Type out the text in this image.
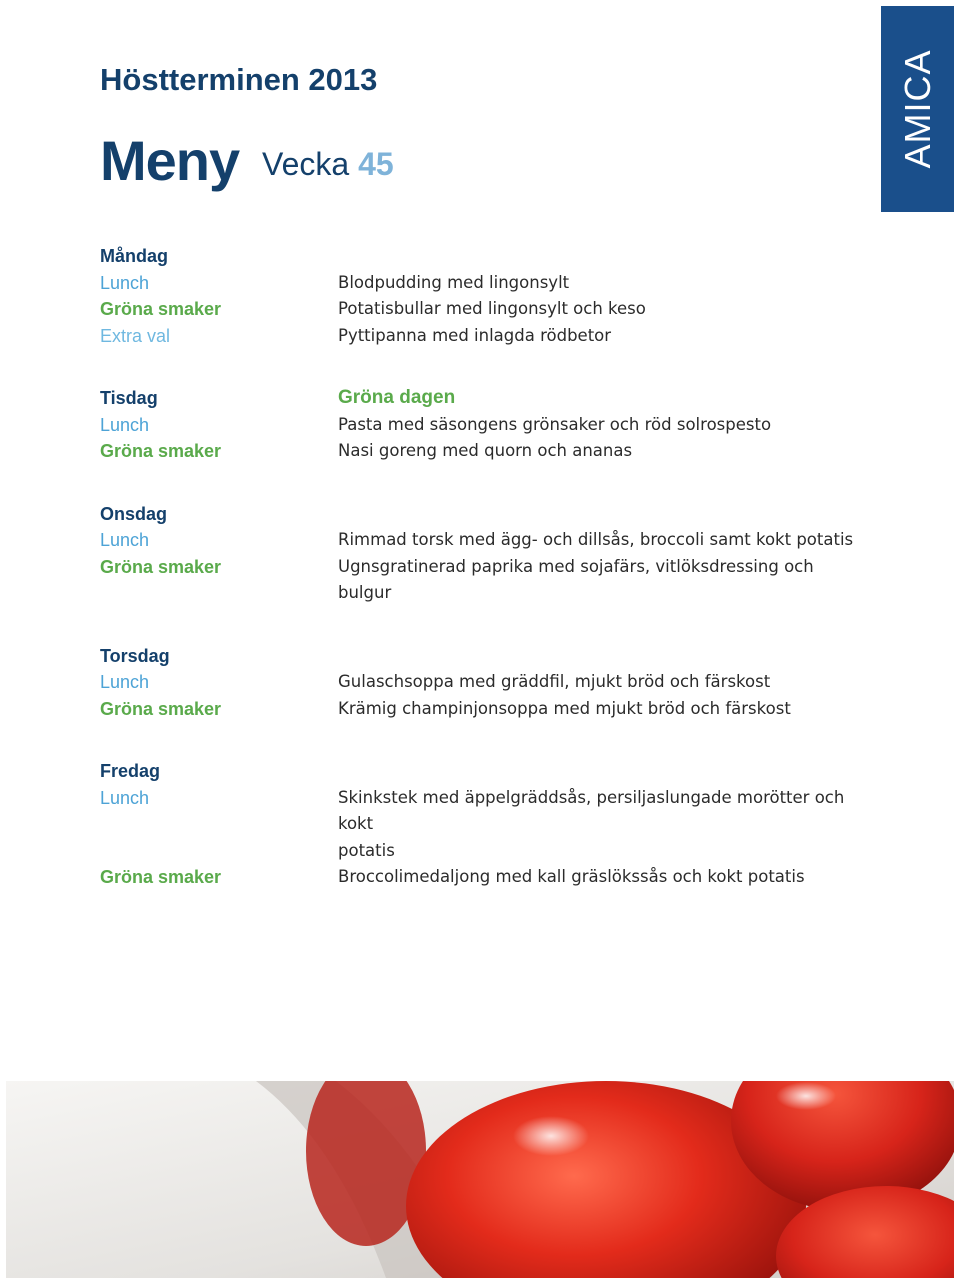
AMICA
Höstterminen 2013
Meny Vecka 45
Måndag
Lunch	Blodpudding med lingonsylt
Gröna smaker	Potatisbullar med lingonsylt och keso
Extra val	Pyttipanna med inlagda rödbetor
Tisdag	Gröna dagen
Lunch	Pasta med säsongens grönsaker och röd solrospesto
Gröna smaker	Nasi goreng med quorn och ananas
Onsdag
Lunch	Rimmad torsk med ägg- och dillsås, broccoli samt kokt potatis
Gröna smaker	Ugnsgratinerad paprika med sojafärs, vitlöksdressing och bulgur
Torsdag
Lunch	Gulaschsoppa med gräddfil, mjukt bröd och färskost
Gröna smaker	Krämig champinjonsoppa med mjukt bröd och färskost
Fredag
Lunch	Skinkstek med äppelgräddsås, persiljaslungade morötter och kokt
potatis
Gröna smaker	Broccolimedaljong med kall gräslökssås och kokt potatis
